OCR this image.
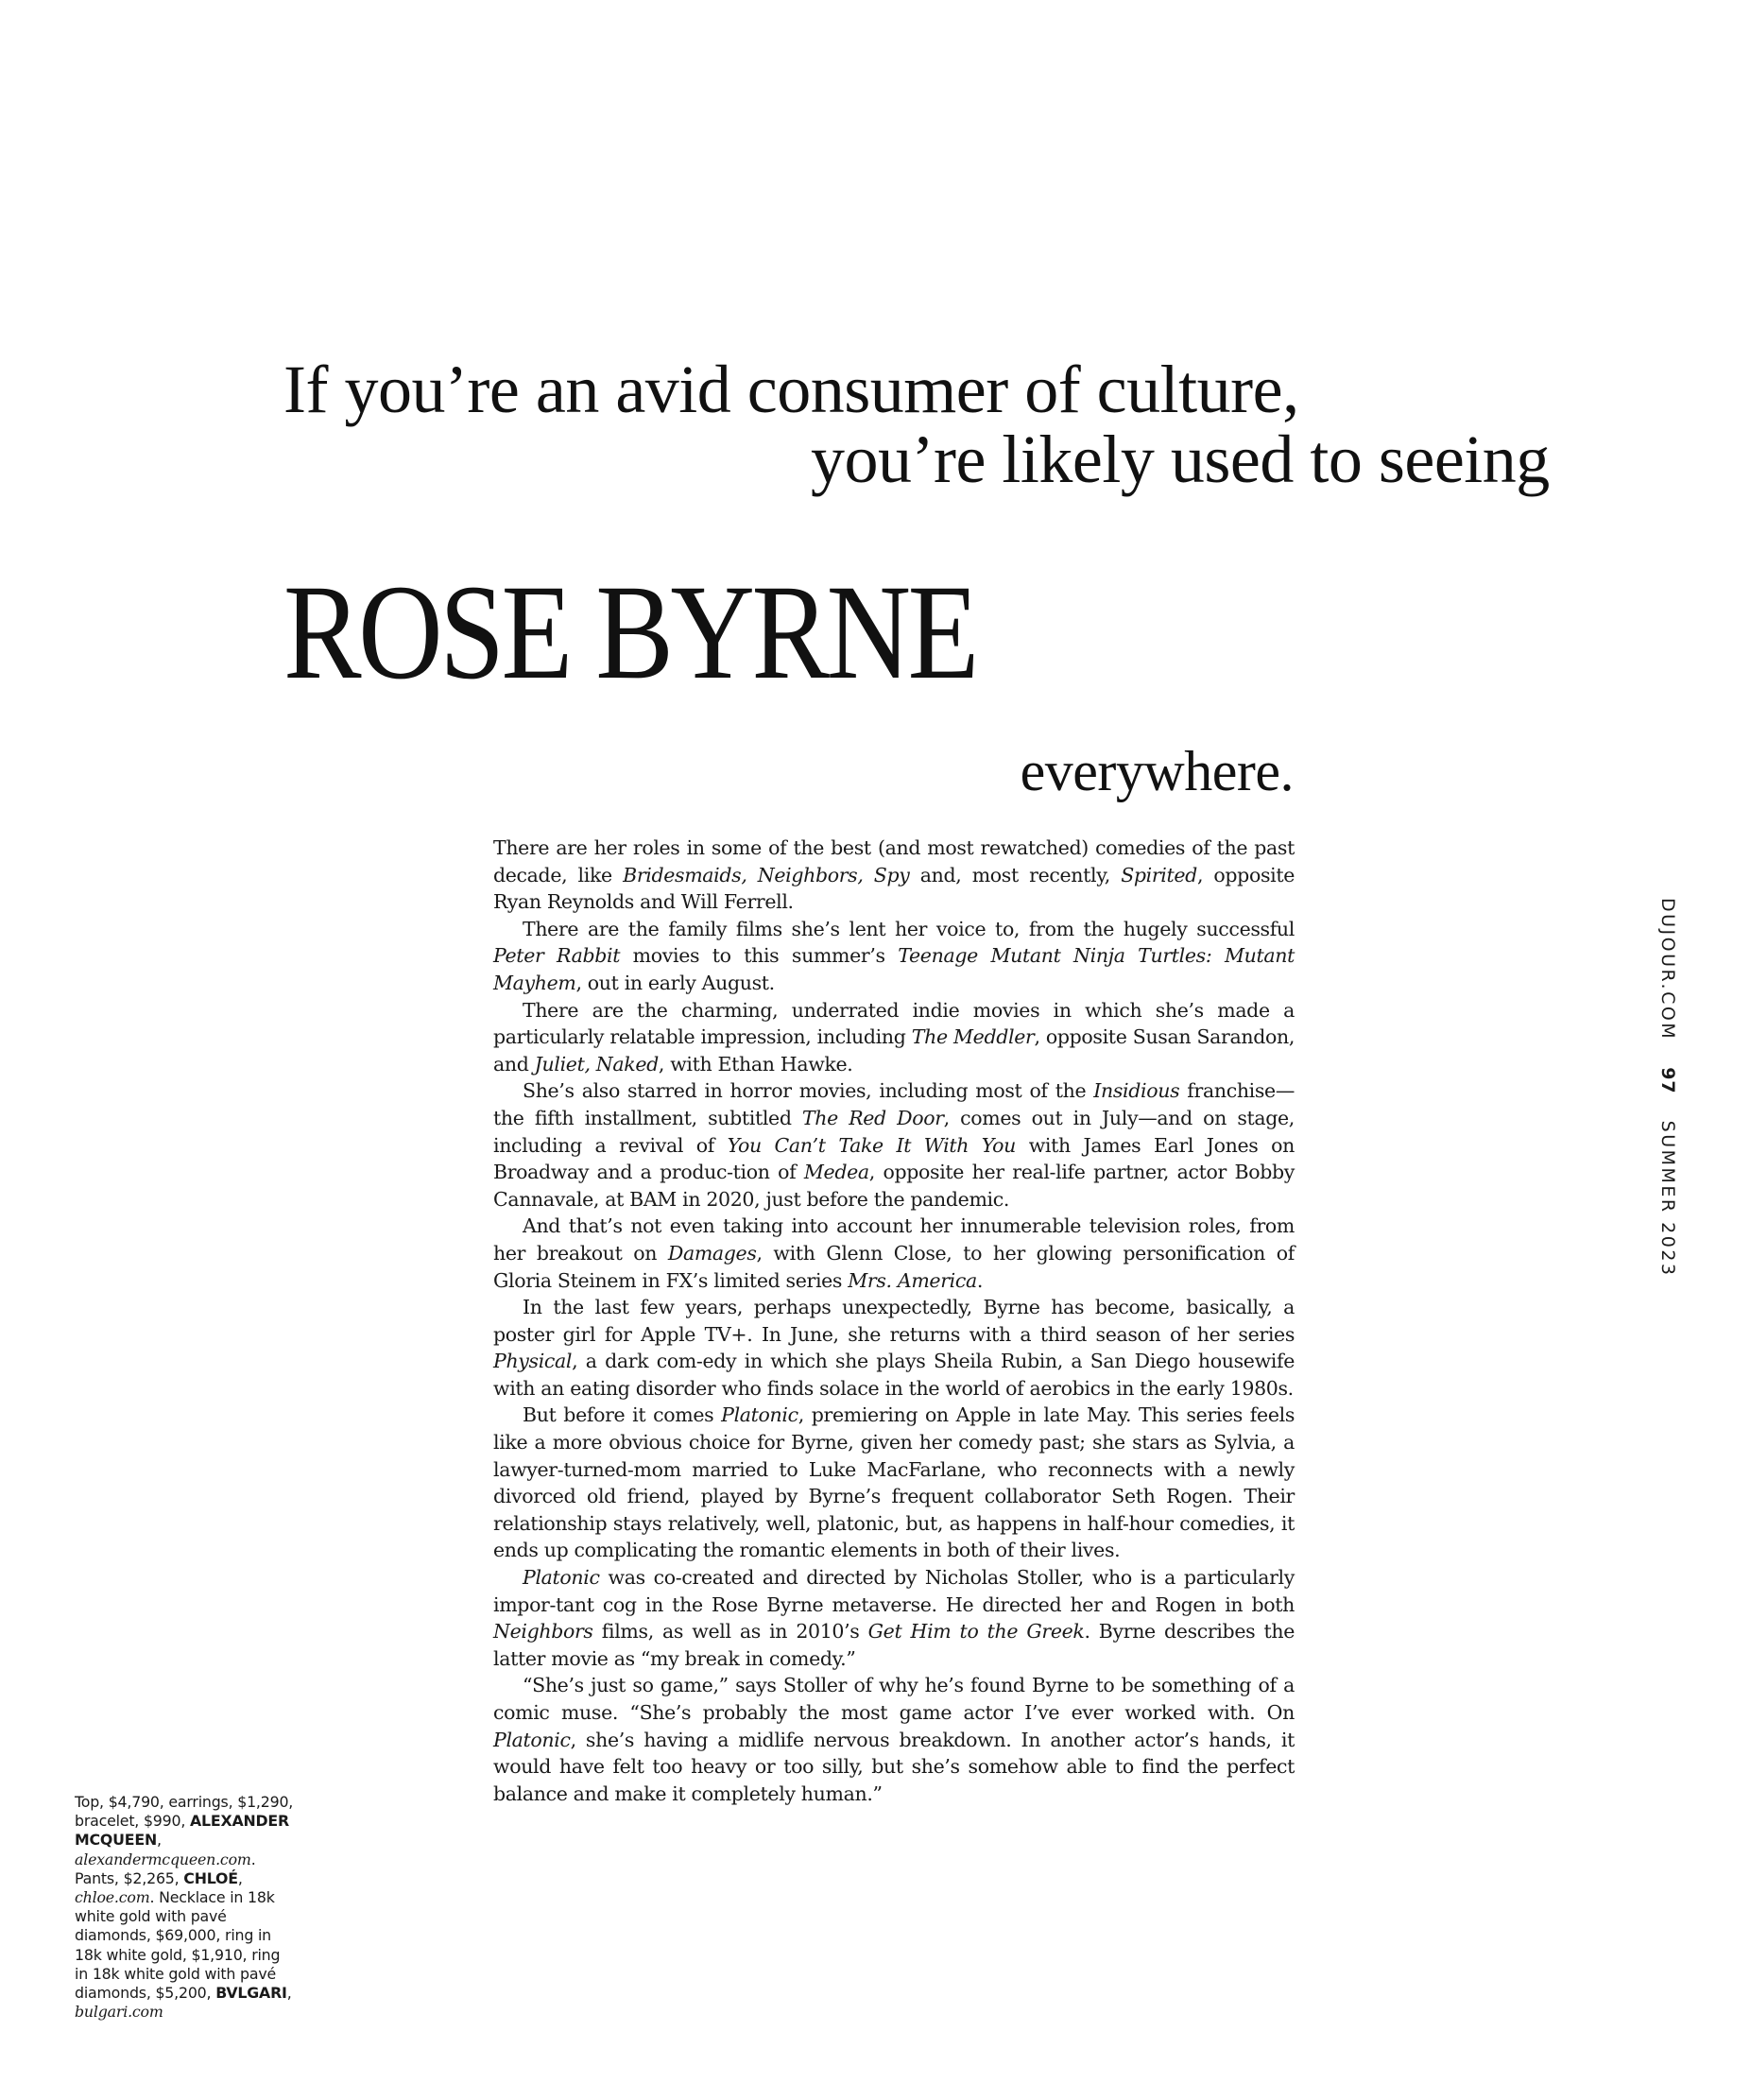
If you’re an avid consumer of culture,
you’re likely used to seeing
ROSE BYRNE
everywhere.

There are her roles in some of the best (and most rewatched) comedies of the past decade, like Bridesmaids, Neighbors, Spy and, most recently, Spirited, opposite Ryan Reynolds and Will Ferrell.

There are the family films she’s lent her voice to, from the hugely successful Peter Rabbit movies to this summer’s Teenage Mutant Ninja Turtles: Mutant Mayhem, out in early August.

There are the charming, underrated indie movies in which she’s made a particularly relatable impression, including The Meddler, opposite Susan Sarandon, and Juliet, Naked, with Ethan Hawke.

She’s also starred in horror movies, including most of the Insidious franchise—the fifth installment, subtitled The Red Door, comes out in July—and on stage, including a revival of You Can’t Take It With You with James Earl Jones on Broadway and a produc-tion of Medea, opposite her real-life partner, actor Bobby Cannavale, at BAM in 2020, just before the pandemic.

And that’s not even taking into account her innumerable television roles, from her breakout on Damages, with Glenn Close, to her glowing personification of Gloria Steinem in FX’s limited series Mrs. America.

In the last few years, perhaps unexpectedly, Byrne has become, basically, a poster girl for Apple TV+. In June, she returns with a third season of her series Physical, a dark com-edy in which she plays Sheila Rubin, a San Diego housewife with an eating disorder who finds solace in the world of aerobics in the early 1980s.

But before it comes Platonic, premiering on Apple in late May. This series feels like a more obvious choice for Byrne, given her comedy past; she stars as Sylvia, a lawyer-turned-mom married to Luke MacFarlane, who reconnects with a newly divorced old friend, played by Byrne’s frequent collaborator Seth Rogen. Their relationship stays relatively, well, platonic, but, as happens in half-hour comedies, it ends up complicating the romantic elements in both of their lives.

Platonic was co-created and directed by Nicholas Stoller, who is a particularly impor-tant cog in the Rose Byrne metaverse. He directed her and Rogen in both Neighbors films, as well as in 2010’s Get Him to the Greek. Byrne describes the latter movie as “my break in comedy.”

“She’s just so game,” says Stoller of why he’s found Byrne to be something of a comic muse. “She’s probably the most game actor I’ve ever worked with. On Platonic, she’s having a midlife nervous breakdown. In another actor’s hands, it would have felt too heavy or too silly, but she’s somehow able to find the perfect balance and make it completely human.”

DUJOUR.COM97SUMMER 2023
Top, $4,790, earrings, $1,290, bracelet, $990, ALEXANDER MCQUEEN, alexandermcqueen.com. Pants, $2,265, CHLOÉ, chloe.com. Necklace in 18k white gold with pavé diamonds, $69,000, ring in 18k white gold, $1,910, ring in 18k white gold with pavé diamonds, $5,200, BVLGARI, bulgari.com
